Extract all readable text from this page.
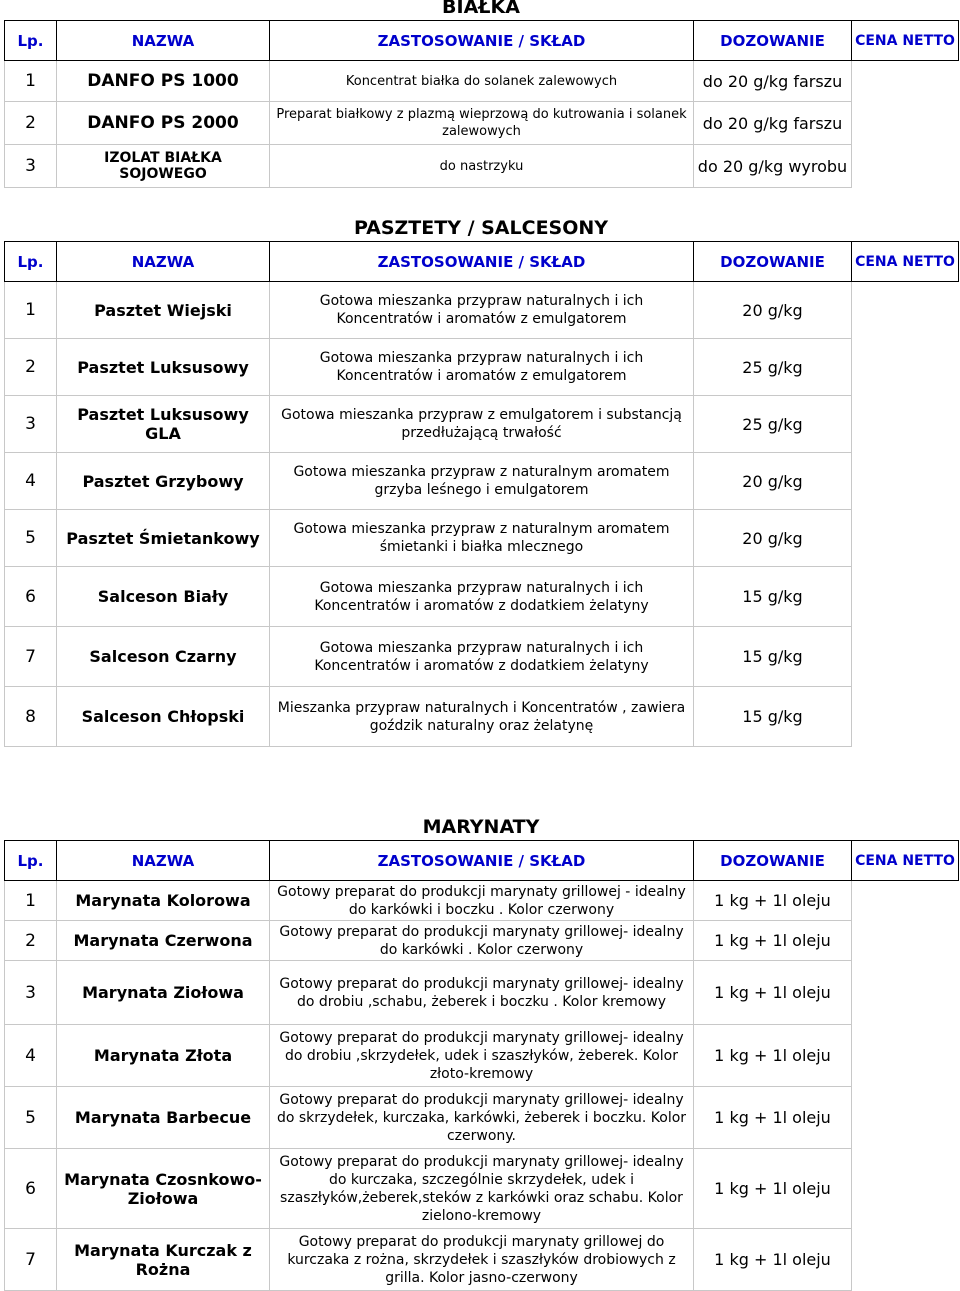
BIAŁKA
Lp.	NAZWA	ZASTOSOWANIE / SKŁAD	DOZOWANIE	CENA NETTO
1	DANFO PS 1000	Koncentrat białka do solanek zalewowych	do 20 g/kg farszu	
2	DANFO PS 2000	Preparat białkowy z plazmą wieprzową do kutrowania i solanek zalewowych	do 20 g/kg farszu	
3	IZOLAT BIAŁKA SOJOWEGO	do nastrzyku	do 20 g/kg wyrobu	
PASZTETY / SALCESONY
Lp.	NAZWA	ZASTOSOWANIE / SKŁAD	DOZOWANIE	CENA NETTO
1	Pasztet Wiejski	Gotowa mieszanka przypraw naturalnych i ich Koncentratów i aromatów z emulgatorem	20 g/kg	
2	Pasztet Luksusowy	Gotowa mieszanka przypraw naturalnych i ich Koncentratów i aromatów z emulgatorem	25 g/kg	
3	Pasztet Luksusowy GLA	Gotowa mieszanka przypraw z emulgatorem i substancją przedłużającą trwałość	25 g/kg	
4	Pasztet Grzybowy	Gotowa mieszanka przypraw z naturalnym aromatem grzyba leśnego i emulgatorem	20 g/kg	
5	Pasztet Śmietankowy	Gotowa mieszanka przypraw z naturalnym aromatem śmietanki i białka mlecznego	20 g/kg	
6	Salceson Biały	Gotowa mieszanka przypraw naturalnych i ich Koncentratów i aromatów z dodatkiem żelatyny	15 g/kg	
7	Salceson Czarny	Gotowa mieszanka przypraw naturalnych i ich Koncentratów i aromatów z dodatkiem żelatyny	15 g/kg	
8	Salceson Chłopski	Mieszanka przypraw naturalnych i Koncentratów , zawiera goździk naturalny oraz żelatynę	15 g/kg	
MARYNATY
Lp.	NAZWA	ZASTOSOWANIE / SKŁAD	DOZOWANIE	CENA NETTO
1	Marynata Kolorowa	Gotowy preparat do produkcji marynaty grillowej - idealny do karkówki i boczku . Kolor czerwony	1 kg + 1l oleju	
2	Marynata Czerwona	Gotowy preparat do produkcji marynaty grillowej- idealny do karkówki . Kolor czerwony	1 kg + 1l oleju	
3	Marynata Ziołowa	Gotowy preparat do produkcji marynaty grillowej- idealny do drobiu ,schabu, żeberek i boczku . Kolor kremowy	1 kg + 1l oleju	
4	Marynata Złota	Gotowy preparat do produkcji marynaty grillowej- idealny do drobiu ,skrzydełek, udek i szaszłyków, żeberek. Kolor złoto-kremowy	1 kg + 1l oleju	
5	Marynata Barbecue	Gotowy preparat do produkcji marynaty grillowej- idealny do skrzydełek, kurczaka, karkówki, żeberek i boczku. Kolor czerwony.	1 kg + 1l oleju	
6	Marynata Czosnkowo-Ziołowa	Gotowy preparat do produkcji marynaty grillowej- idealny do kurczaka, szczególnie skrzydełek, udek i szaszłyków,żeberek,steków z karkówki oraz schabu. Kolor zielono-kremowy	1 kg + 1l oleju	
7	Marynata Kurczak z Rożna	Gotowy preparat do produkcji marynaty grillowej do kurczaka z rożna, skrzydełek i szaszłyków drobiowych z grilla. Kolor jasno-czerwony	1 kg + 1l oleju	
